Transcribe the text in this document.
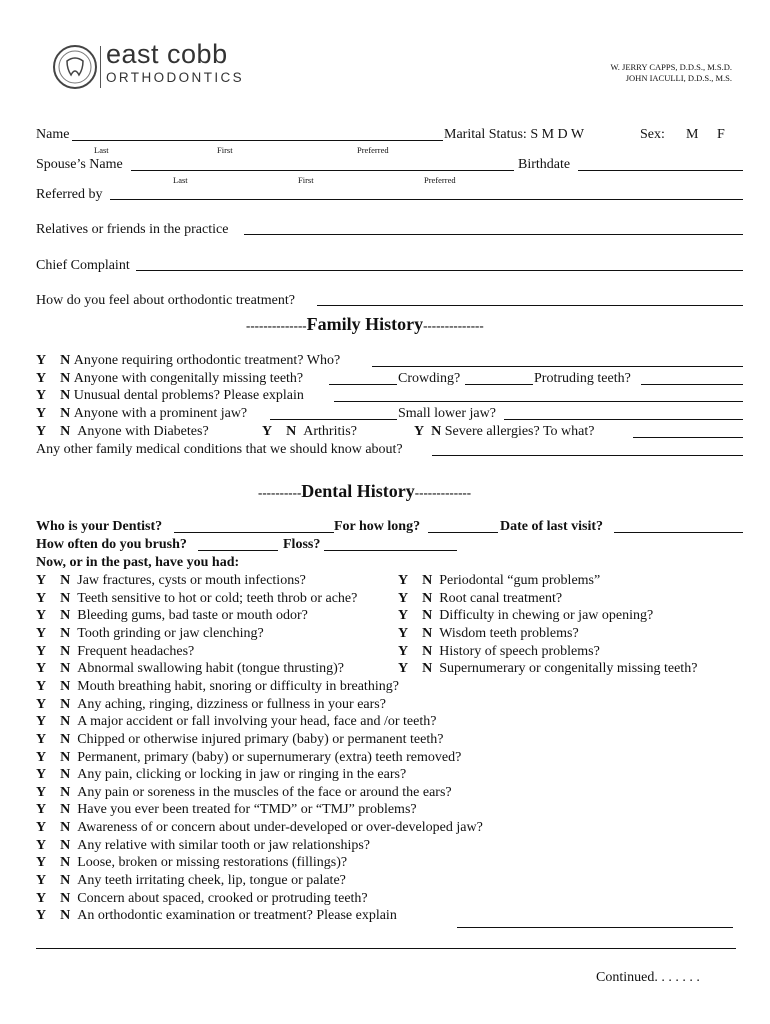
east cobb
ORTHODONTICS
W. JERRY CAPPS, D.D.S., M.S.D.
JOHN IACULLI, D.D.S., M.S.
Name
Last	First	Preferred
Marital Status: S M D W	Sex: M F
Spouse’s Name
Last	First	Preferred
Birthdate
Referred by
Relatives or friends in the practice
Chief Complaint
How do you feel about orthodontic treatment?
--------------Family History--------------
Y N Anyone requiring orthodontic treatment? Who?
Y N Anyone with congenitally missing teeth?	Crowding?	Protruding teeth?
Y N Unusual dental problems? Please explain
Y N Anyone with a prominent jaw?	Small lower jaw?
Y N Anyone with Diabetes?	Y N Arthritis?	Y N Severe allergies? To what?
Any other family medical conditions that we should know about?
----------Dental History-------------
Who is your Dentist?	For how long?	Date of last visit?
How often do you brush?	Floss?
Now, or in the past, have you had:
Y N Jaw fractures, cysts or mouth infections?	Y N Periodontal “gum problems”
Y N Teeth sensitive to hot or cold; teeth throb or ache?	Y N Root canal treatment?
Y N Bleeding gums, bad taste or mouth odor?	Y N Difficulty in chewing or jaw opening?
Y N Tooth grinding or jaw clenching?	Y N Wisdom teeth problems?
Y N Frequent headaches?	Y N History of speech problems?
Y N Abnormal swallowing habit (tongue thrusting)?	Y N Supernumerary or congenitally missing teeth?
Y N Mouth breathing habit, snoring or difficulty in breathing?
Y N Any aching, ringing, dizziness or fullness in your ears?
Y N A major accident or fall involving your head, face and /or teeth?
Y N Chipped or otherwise injured primary (baby) or permanent teeth?
Y N Permanent, primary (baby) or supernumerary (extra) teeth removed?
Y N Any pain, clicking or locking in jaw or ringing in the ears?
Y N Any pain or soreness in the muscles of the face or around the ears?
Y N Have you ever been treated for “TMD” or “TMJ” problems?
Y N Awareness of or concern about under-developed or over-developed jaw?
Y N Any relative with similar tooth or jaw relationships?
Y N Loose, broken or missing restorations (fillings)?
Y N Any teeth irritating cheek, lip, tongue or palate?
Y N Concern about spaced, crooked or protruding teeth?
Y N An orthodontic examination or treatment? Please explain
Continued. . . . . . .
